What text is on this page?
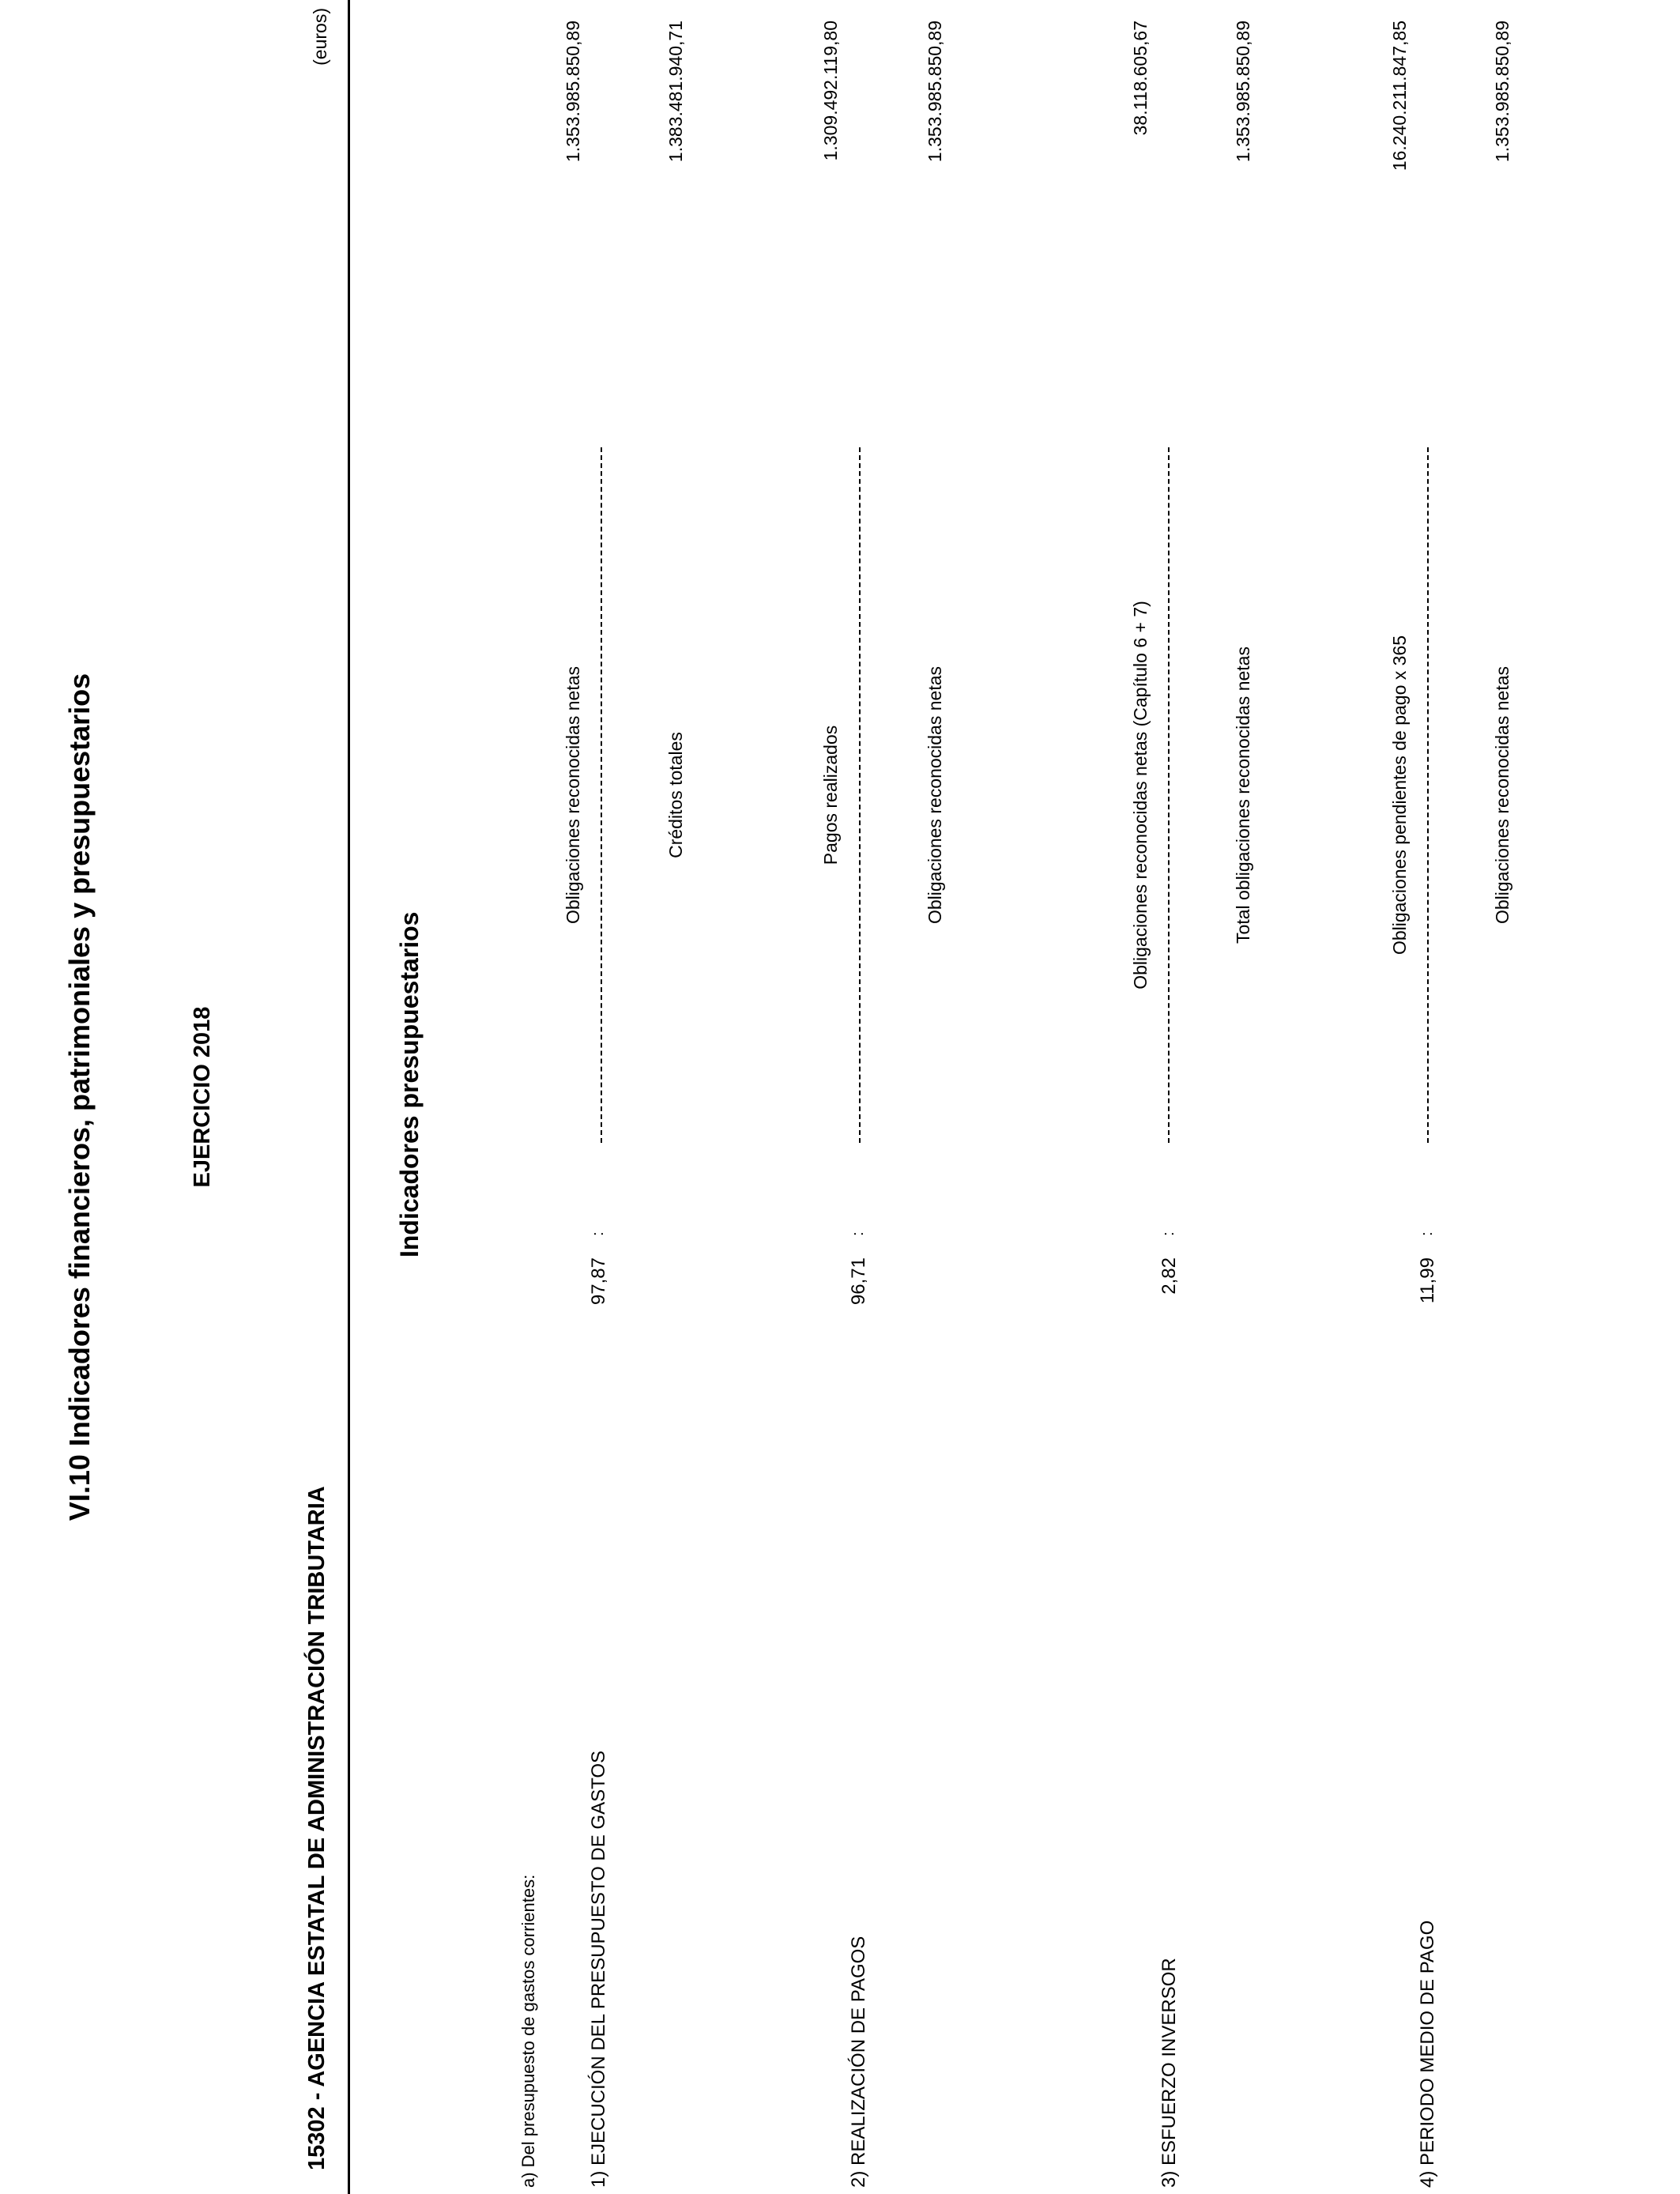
VI.10 Indicadores financieros, patrimoniales y presupuestarios	EJERCICIO 2018
15302 - AGENCIA ESTATAL DE ADMINISTRACIÓN TRIBUTARIA
(euros)
Indicadores presupuestarios
a) Del presupuesto de gastos corrientes:	1) EJECUCIÓN DEL PRESUPUESTO DE GASTOS
97,87
:
Obligaciones reconocidas netas	Créditos totales
1.353.985.850,89	1.383.481.940,71
2) REALIZACIÓN DE PAGOS
96,71
:
Pagos realizados	Obligaciones reconocidas netas
1.309.492.119,80	1.353.985.850,89
3) ESFUERZO INVERSOR
2,82
:
Obligaciones reconocidas netas (Capítulo 6 + 7)	Total obligaciones reconocidas netas
38.118.605,67	1.353.985.850,89
4) PERIODO MEDIO DE PAGO
11,99
:
Obligaciones pendientes de pago x 365	Obligaciones reconocidas netas
16.240.211.847,85	1.353.985.850,89
